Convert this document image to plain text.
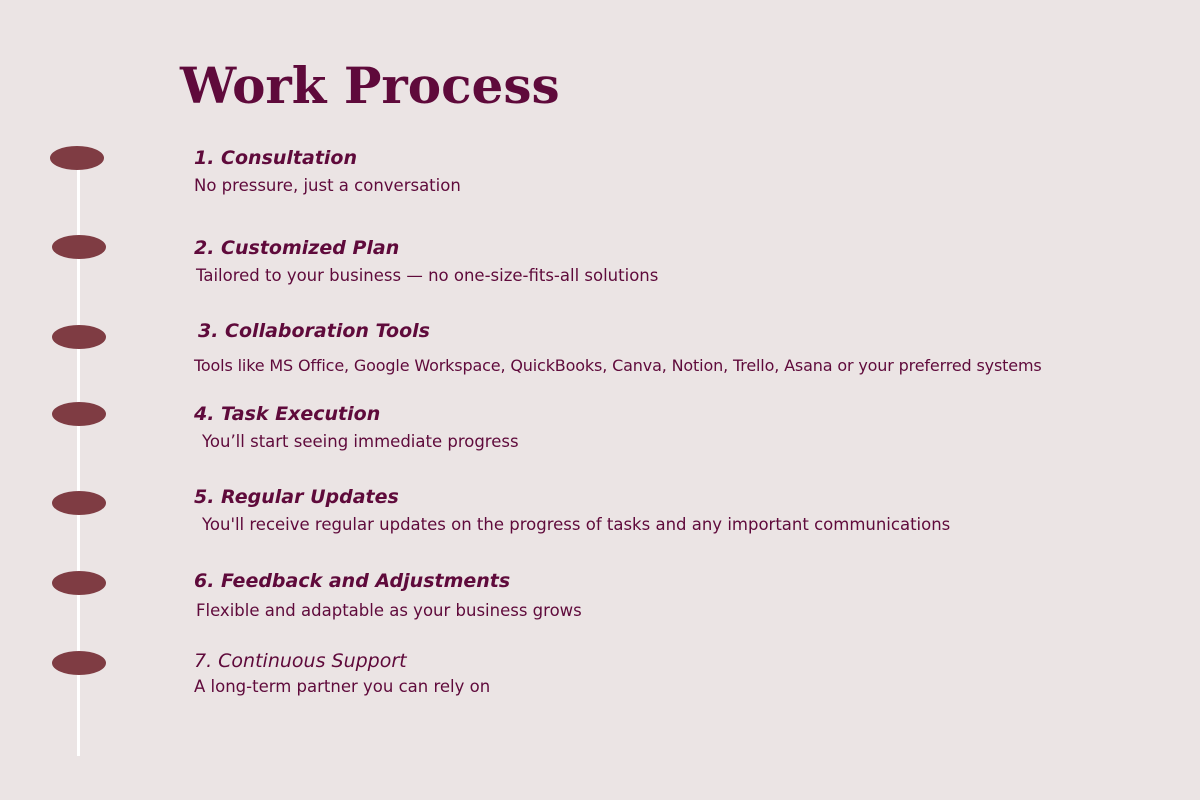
Work Process
1. Consultation
No pressure, just a conversation
2. Customized Plan
Tailored to your business — no one-size-fits-all solutions
3. Collaboration Tools
Tools like MS Office, Google Workspace, QuickBooks, Canva, Notion, Trello, Asana or your preferred systems
4. Task Execution
You’ll start seeing immediate progress
5. Regular Updates
You'll receive regular updates on the progress of tasks and any important communications
6. Feedback and Adjustments
Flexible and adaptable as your business grows
7. Continuous Support
A long-term partner you can rely on
